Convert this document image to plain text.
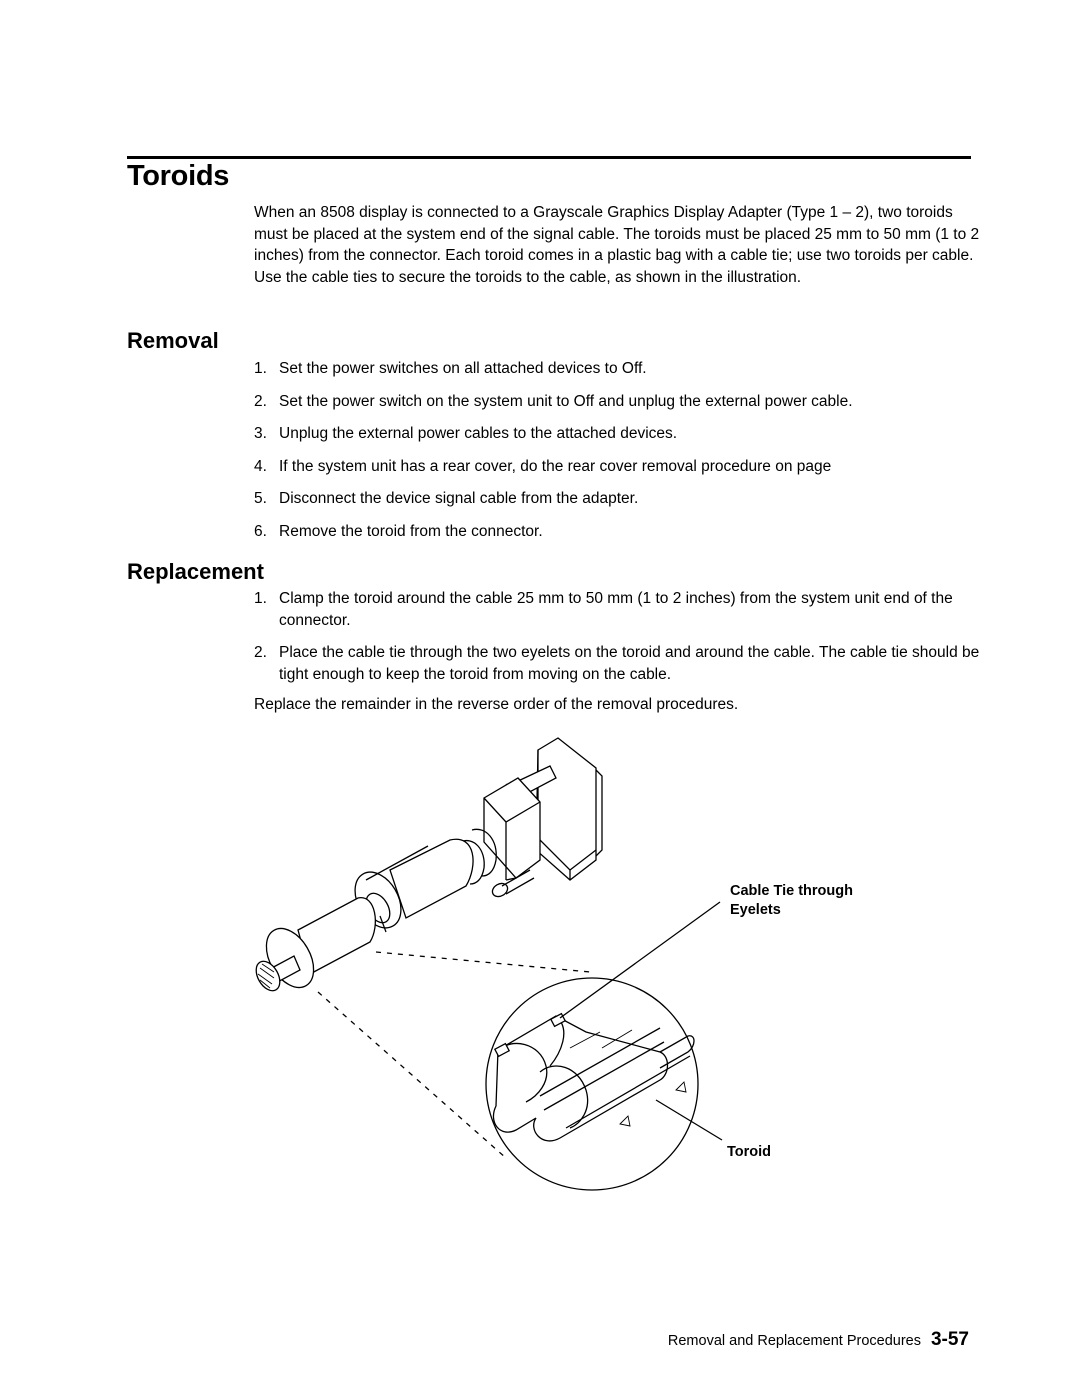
Toroids

When an 8508 display is connected to a Grayscale Graphics Display Adapter (Type 1 – 2), two toroids must be placed at the system end of the signal cable. The toroids must be placed 25 mm to 50 mm (1 to 2 inches) from the connector. Each toroid comes in a plastic bag with a cable tie; use two toroids per cable. Use the cable ties to secure the toroids to the cable, as shown in the illustration.

Removal
1. Set the power switches on all attached devices to Off.
2. Set the power switch on the system unit to Off and unplug the external power cable.
3. Unplug the external power cables to the attached devices.
4. If the system unit has a rear cover, do the rear cover removal procedure on page
5. Disconnect the device signal cable from the adapter.
6. Remove the toroid from the connector.
Replacement
1. Clamp the toroid around the cable 25 mm to 50 mm (1 to 2 inches) from the system unit end of the connector.
2. Place the cable tie through the two eyelets on the toroid and around the cable. The cable tie should be tight enough to keep the toroid from moving on the cable.

Replace the remainder in the reverse order of the removal procedures.

Cable Tie through
Eyelets
Toroid
Removal and Replacement Procedures 3-57
